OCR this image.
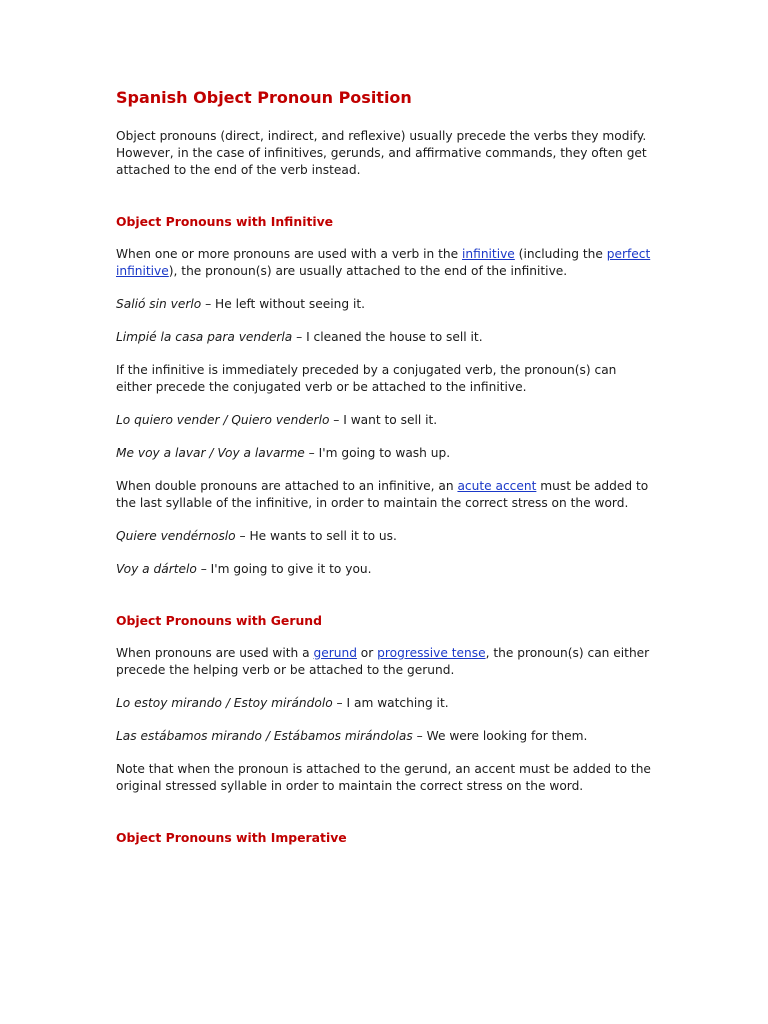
Spanish Object Pronoun Position
Object pronouns (direct, indirect, and reflexive) usually precede the verbs they modify. However, in the case of infinitives, gerunds, and affirmative commands, they often get attached to the end of the verb instead.
Object Pronouns with Infinitive
When one or more pronouns are used with a verb in the infinitive (including the perfect infinitive), the pronoun(s) are usually attached to the end of the infinitive.
Salió sin verlo – He left without seeing it.
Limpié la casa para venderla – I cleaned the house to sell it.
If the infinitive is immediately preceded by a conjugated verb, the pronoun(s) can either precede the conjugated verb or be attached to the infinitive.
Lo quiero vender / Quiero venderlo – I want to sell it.
Me voy a lavar / Voy a lavarme – I'm going to wash up.
When double pronouns are attached to an infinitive, an acute accent must be added to the last syllable of the infinitive, in order to maintain the correct stress on the word.
Quiere vendérnoslo – He wants to sell it to us.
Voy a dártelo – I'm going to give it to you.
Object Pronouns with Gerund
When pronouns are used with a gerund or progressive tense, the pronoun(s) can either precede the helping verb or be attached to the gerund.
Lo estoy mirando / Estoy mirándolo – I am watching it.
Las estábamos mirando / Estábamos mirándolas – We were looking for them.
Note that when the pronoun is attached to the gerund, an accent must be added to the original stressed syllable in order to maintain the correct stress on the word.
Object Pronouns with Imperative
